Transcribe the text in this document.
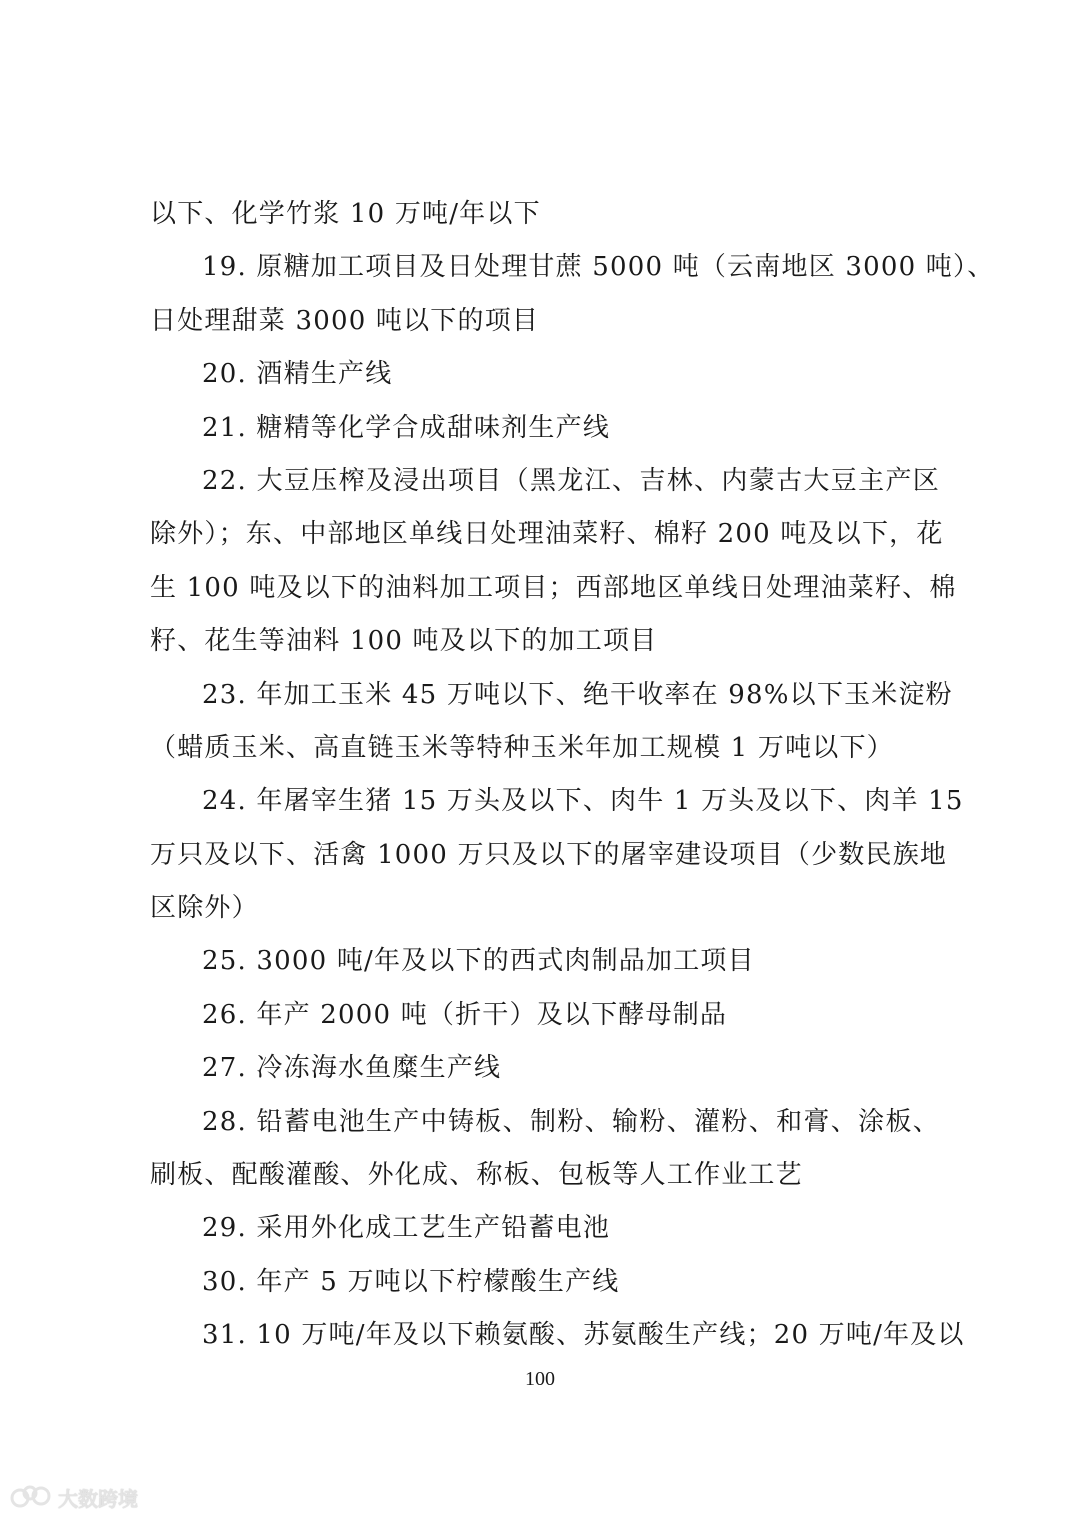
以下、化学竹浆 10 万吨/年以下
19. 原糖加工项目及日处理甘蔗 5000 吨（云南地区 3000 吨）、
日处理甜菜 3000 吨以下的项目
20. 酒精生产线
21. 糖精等化学合成甜味剂生产线
22. 大豆压榨及浸出项目（黑龙江、吉林、内蒙古大豆主产区
除外）；东、中部地区单线日处理油菜籽、棉籽 200 吨及以下，花
生 100 吨及以下的油料加工项目；西部地区单线日处理油菜籽、棉
籽、花生等油料 100 吨及以下的加工项目
23. 年加工玉米 45 万吨以下、绝干收率在 98%以下玉米淀粉
（蜡质玉米、高直链玉米等特种玉米年加工规模 1 万吨以下）
24. 年屠宰生猪 15 万头及以下、肉牛 1 万头及以下、肉羊 15
万只及以下、活禽 1000 万只及以下的屠宰建设项目（少数民族地
区除外）
25. 3000 吨/年及以下的西式肉制品加工项目
26. 年产 2000 吨（折干）及以下酵母制品
27. 冷冻海水鱼糜生产线
28. 铅蓄电池生产中铸板、制粉、输粉、灌粉、和膏、涂板、
刷板、配酸灌酸、外化成、称板、包板等人工作业工艺
29. 采用外化成工艺生产铅蓄电池
30. 年产 5 万吨以下柠檬酸生产线
31. 10 万吨/年及以下赖氨酸、苏氨酸生产线；20 万吨/年及以
100
大数跨境
